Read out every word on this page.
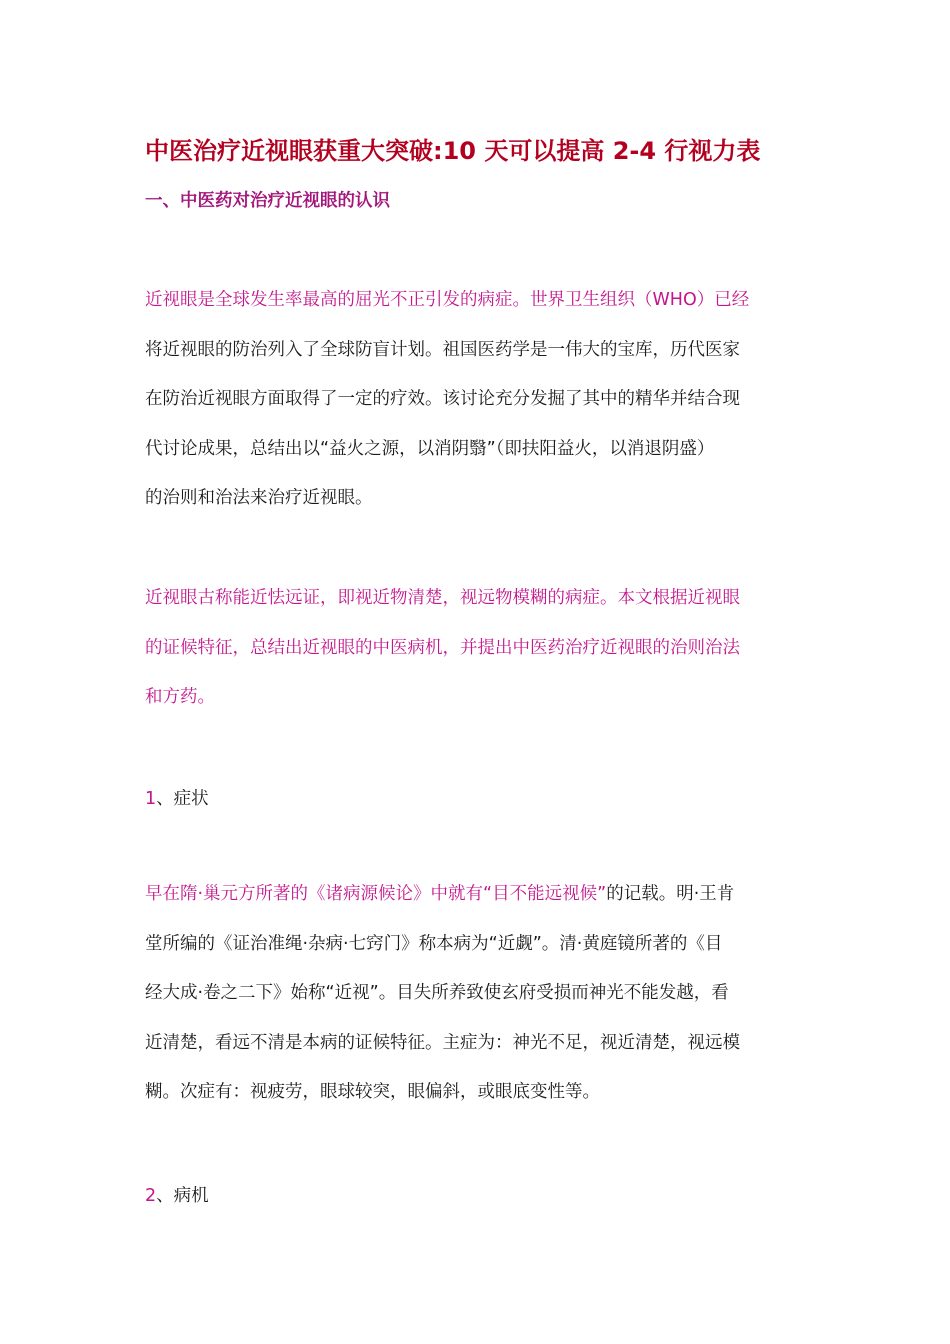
中医治疗近视眼获重大突破:10 天可以提高 2-4 行视力表
一、中医药对治疗近视眼的认识
近视眼是全球发生率最高的屈光不正引发的病症。世界卫生组织（WHO）已经
将近视眼的防治列入了全球防盲计划。祖国医药学是一伟大的宝库，历代医家
在防治近视眼方面取得了一定的疗效。该讨论充分发掘了其中的精华并结合现
代讨论成果，总结出以“益火之源，以消阴翳”（即扶阳益火，以消退阴盛）
的治则和治法来治疗近视眼。
近视眼古称能近怯远证，即视近物清楚，视远物模糊的病症。本文根据近视眼
的证候特征，总结出近视眼的中医病机，并提出中医药治疗近视眼的治则治法
和方药。
1、症状
早在隋·巢元方所著的《诸病源候论》中就有“目不能远视候”的记载。明·王肯
堂所编的《证治准绳·杂病·七窍门》称本病为“近觑”。清·黄庭镜所著的《目
经大成·卷之二下》始称“近视”。目失所养致使玄府受损而神光不能发越，看
近清楚，看远不清是本病的证候特征。主症为：神光不足，视近清楚，视远模
糊。次症有：视疲劳，眼球较突，眼偏斜，或眼底变性等。
2、病机
